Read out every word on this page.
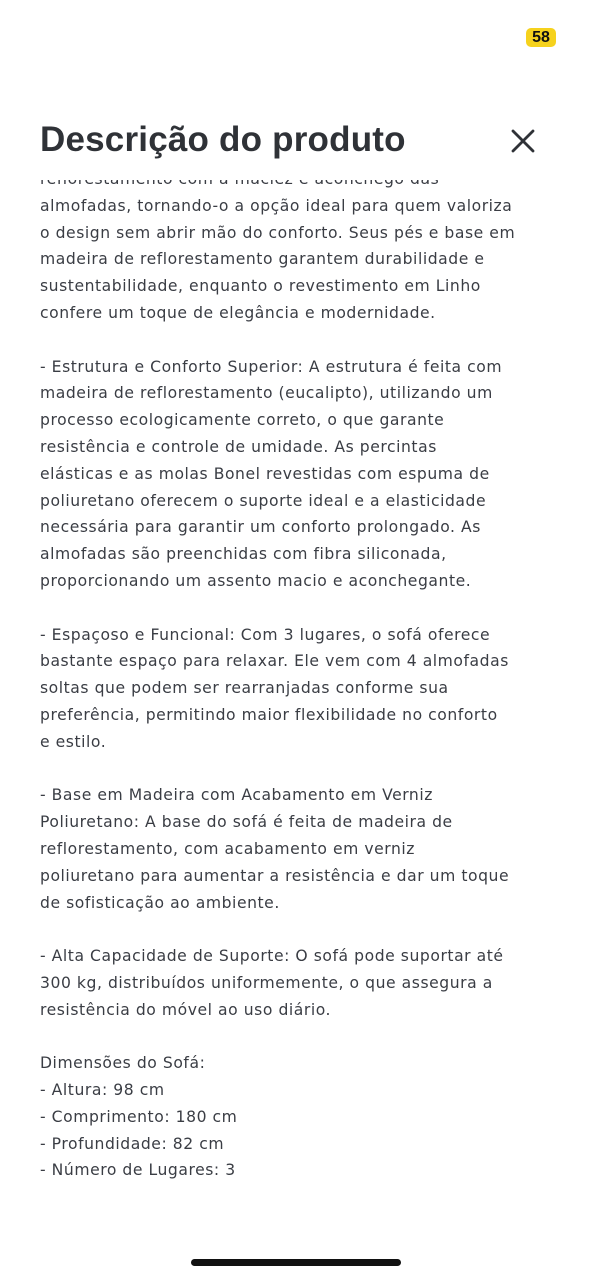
58
Descrição do produto

almofadas, tornando-o a opção ideal para quem valoriza
o design sem abrir mão do conforto. Seus pés e base em
madeira de reflorestamento garantem durabilidade e
sustentabilidade, enquanto o revestimento em Linho
confere um toque de elegância e modernidade.

- Estrutura e Conforto Superior: A estrutura é feita com
madeira de reflorestamento (eucalipto), utilizando um
processo ecologicamente correto, o que garante
resistência e controle de umidade. As percintas
elásticas e as molas Bonel revestidas com espuma de
poliuretano oferecem o suporte ideal e a elasticidade
necessária para garantir um conforto prolongado. As
almofadas são preenchidas com fibra siliconada,
proporcionando um assento macio e aconchegante.

- Espaçoso e Funcional: Com 3 lugares, o sofá oferece
bastante espaço para relaxar. Ele vem com 4 almofadas
soltas que podem ser rearranjadas conforme sua
preferência, permitindo maior flexibilidade no conforto
e estilo.

- Base em Madeira com Acabamento em Verniz
Poliuretano: A base do sofá é feita de madeira de
reflorestamento, com acabamento em verniz
poliuretano para aumentar a resistência e dar um toque
de sofisticação ao ambiente.

- Alta Capacidade de Suporte: O sofá pode suportar até
300 kg, distribuídos uniformemente, o que assegura a
resistência do móvel ao uso diário.

Dimensões do Sofá:
- Altura: 98 cm
- Comprimento: 180 cm
- Profundidade: 82 cm
- Número de Lugares: 3
